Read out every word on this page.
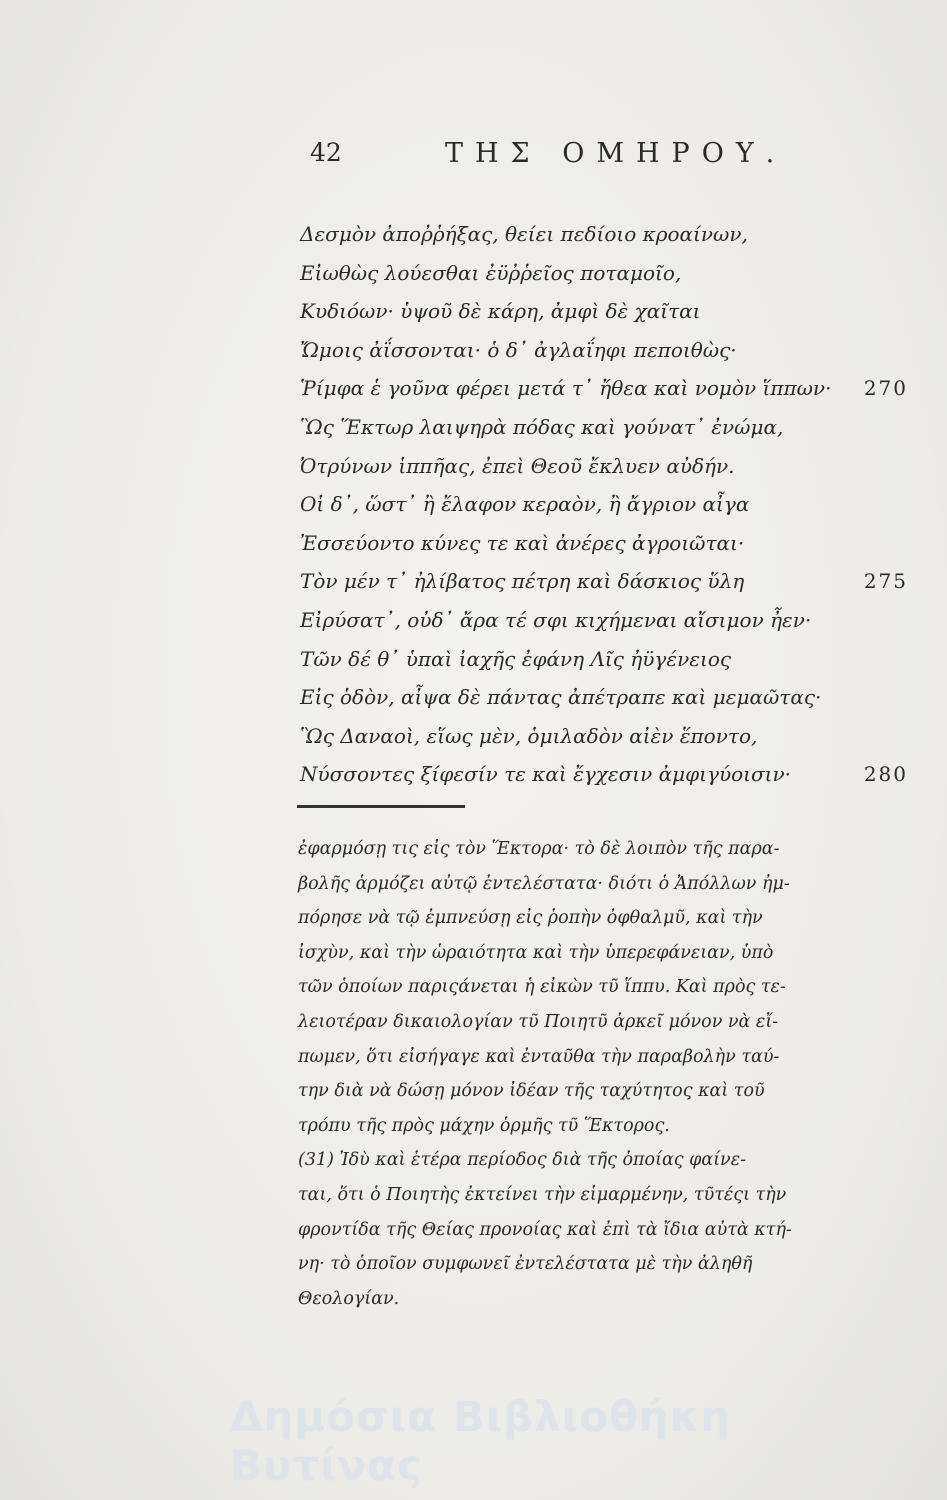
42	ΤΗΣ ΟΜΗΡΟΥ.
Δεσμὸν ἀποῤῥήξας, θείει πεδίοιο κροαίνων,
Εἰωθὼς λούεσθαι ἐϋῤῥεῖος ποταμοῖο,
Κυδιόων· ὑψοῦ δὲ κάρη, ἀμφὶ δὲ χαῖται
Ὤμοις ἀΐσσονται· ὁ δ᾽ ἀγλαΐηφι πεποιθὼς·
Ῥίμφα ἑ γοῦνα φέρει μετά τ᾽ ἤθεα καὶ νομὸν ἵππων· 270
Ὣς Ἕκτωρ λαιψηρὰ πόδας καὶ γούνατ᾽ ἐνώμα,
Ὀτρύνων ἱππῆας, ἐπεὶ Θεοῦ ἔκλυεν αὐδήν.
Οἱ δ᾽, ὥστ᾽ ἢ ἔλαφον κεραὸν, ἢ ἄγριον αἶγα
Ἐσσεύοντο κύνες τε καὶ ἀνέρες ἀγροιῶται·
Τὸν μέν τ᾽ ἠλίβατος πέτρη καὶ δάσκιος ὕλη	275
Εἰρύσατ᾽, οὐδ᾽ ἄρα τέ σφι κιχήμεναι αἴσιμον ἦεν·
Τῶν δέ θ᾽ ὑπαὶ ἰαχῆς ἐφάνη Λῖς ἠϋγένειος
Εἰς ὁδὸν, αἶψα δὲ πάντας ἀπέτραπε καὶ μεμαῶτας·
Ὣς Δαναοὶ, εἵως μὲν, ὁμιλαδὸν αἰὲν ἕποντο,
Νύσσοντες ξίφεσίν τε καὶ ἔγχεσιν ἀμφιγύοισιν·	280
ἐφαρμόσῃ τις εἰς τὸν Ἕκτορα· τὸ δὲ λοιπὸν τῆς παρα-
βολῆς ἁρμόζει αὐτῷ ἐντελέστατα· διότι ὁ Ἀπόλλων ἠμ-
πόρησε νὰ τῷ ἐμπνεύσῃ εἰς ῥοπὴν ὀφθαλμῦ, καὶ τὴν
ἰσχὺν, καὶ τὴν ὡραιότητα καὶ τὴν ὑπερεφάνειαν, ὑπὸ
τῶν ὁποίων παριςάνεται ἡ εἰκὼν τῦ ἵππυ. Καὶ πρὸς τε-
λειοτέραν δικαιολογίαν τῦ Ποιητῦ ἀρκεῖ μόνον νὰ εἴ-
πωμεν, ὅτι εἰσήγαγε καὶ ἐνταῦθα τὴν παραβολὴν ταύ-
την διὰ νὰ δώσῃ μόνον ἰδέαν τῆς ταχύτητος καὶ τοῦ
τρόπυ τῆς πρὸς μάχην ὁρμῆς τῦ Ἕκτορος.
(31) Ἰδὺ καὶ ἑτέρα περίοδος διὰ τῆς ὁποίας φαίνε-
ται, ὅτι ὁ Ποιητὴς ἐκτείνει τὴν εἱμαρμένην, τῦτέςι τὴν
φροντίδα τῆς Θείας προνοίας καὶ ἐπὶ τὰ ἴδια αὐτὰ κτή-
νη· τὸ ὁποῖον συμφωνεῖ ἐντελέστατα μὲ τὴν ἀληθῆ
Θεολογίαν.
Δημόσια Βιβλιοθήκη Βυτίνας
